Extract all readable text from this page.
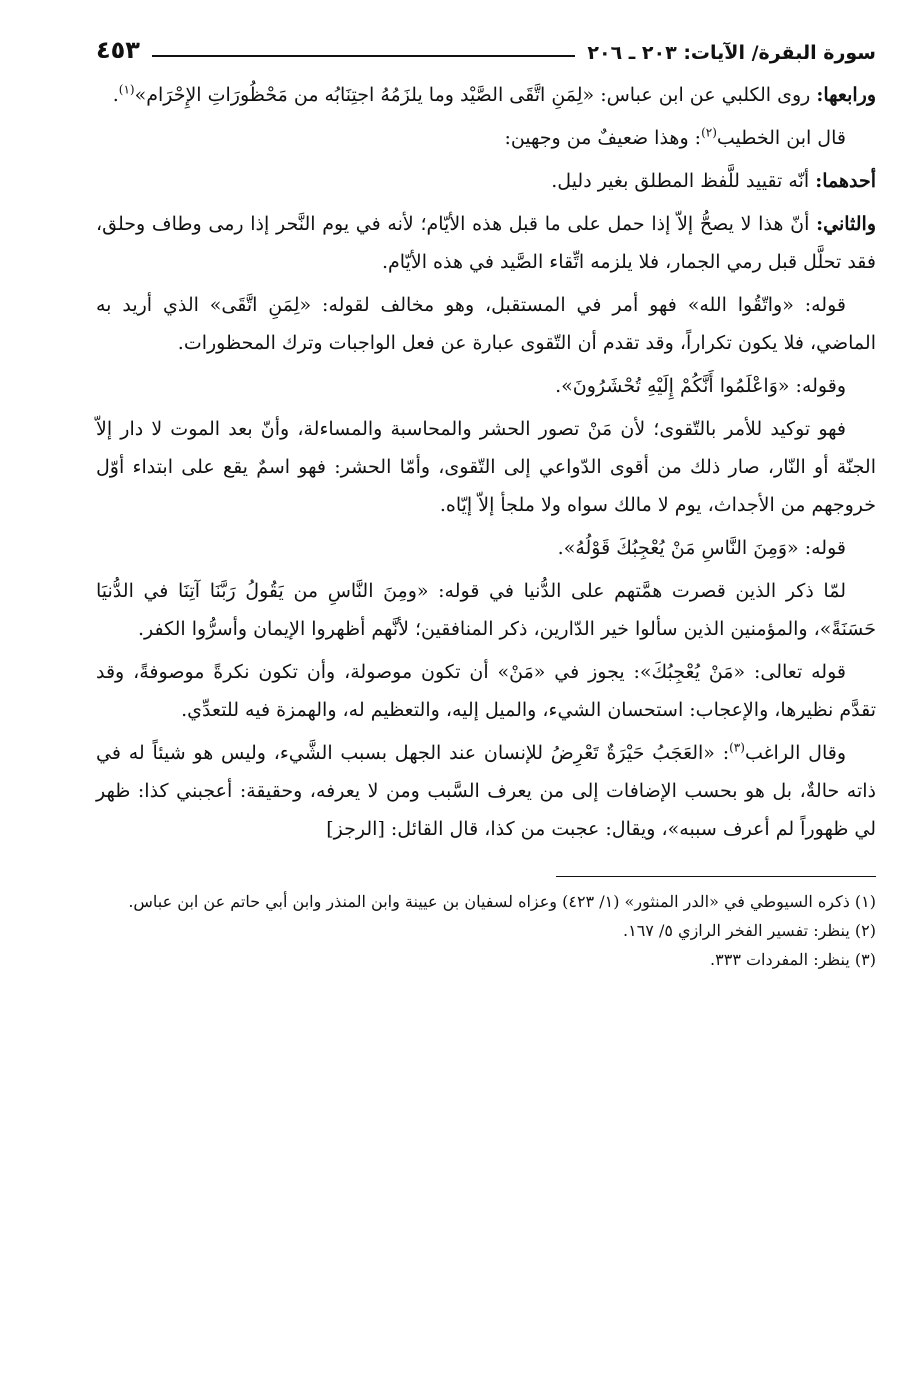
سورة البقرة/ الآيات: ٢٠٣ ـ ٢٠٦
٤٥٣

ورابعها: روى الكلبي عن ابن عباس: «لِمَنِ اتَّقَى الصَّيْد وما يلزَمُهُ اجتِنَابُه من مَحْظُورَاتِ الإِحْرَام»$^{(١)}$.

قال ابن الخطيب$^{(٢)}$: وهذا ضعيفٌ من وجهين:

أحدهما: أنّه تقييد للَّفظ المطلق بغير دليل.

والثاني: أنّ هذا لا يصحُّ إلاّ إذا حمل على ما قبل هذه الأيّام؛ لأنه في يوم النَّحر إذا رمى وطاف وحلق، فقد تحلَّل قبل رمي الجمار، فلا يلزمه اتِّقاء الصَّيد في هذه الأيّام.

قوله: «واتّقُوا الله» فهو أمر في المستقبل، وهو مخالف لقوله: «لِمَنِ اتَّقَى» الذي أريد به الماضي، فلا يكون تكراراً، وقد تقدم أن التّقوى عبارة عن فعل الواجبات وترك المحظورات.

وقوله: «وَاعْلَمُوا أَنَّكُمْ إِلَيْهِ تُحْشَرُونَ».

فهو توكيد للأمر بالتّقوى؛ لأن مَنْ تصور الحشر والمحاسبة والمساءلة، وأنّ بعد الموت لا دار إلاّ الجنّة أو النّار، صار ذلك من أقوى الدّواعي إلى التّقوى، وأمّا الحشر: فهو اسمٌ يقع على ابتداء أوّل خروجهم من الأجداث، يوم لا مالك سواه ولا ملجأ إلاّ إيّاه.

قوله: «وَمِنَ النَّاسِ مَنْ يُعْجِبُكَ قَوْلُهُ».

لمّا ذكر الذين قصرت همَّتهم على الدُّنيا في قوله: «ومِنَ النَّاسِ من يَقُولُ رَبَّنَا آتِنَا في الدُّنيَا حَسَنَةً»، والمؤمنين الذين سألوا خير الدّارين، ذكر المنافقين؛ لأنَّهم أظهروا الإيمان وأسرُّوا الكفر.

قوله تعالى: «مَنْ يُعْجِبُكَ»: يجوز في «مَنْ» أن تكون موصولة، وأن تكون نكرةً موصوفةً، وقد تقدَّم نظيرها، والإعجاب: استحسان الشيء، والميل إليه، والتعظيم له، والهمزة فيه للتعدِّي.

وقال الراغب$^{(٣)}$: «العَجَبُ حَيْرَةٌ تَعْرِضُ للإنسان عند الجهل بسبب الشَّيء، وليس هو شيئاً له في ذاته حالةٌ، بل هو بحسب الإضافات إلى من يعرف السَّبب ومن لا يعرفه، وحقيقة: أعجبني كذا: ظهر لي ظهوراً لم أعرف سببه»، ويقال: عجبت من كذا، قال القائل: [الرجز]

(١) ذكره السيوطي في «الدر المنثور» (١/ ٤٢٣) وعزاه لسفيان بن عيينة وابن المنذر وابن أبي حاتم عن ابن عباس.

(٢) ينظر: تفسير الفخر الرازي ٥/ ١٦٧.

(٣) ينظر: المفردات ٣٣٣.
